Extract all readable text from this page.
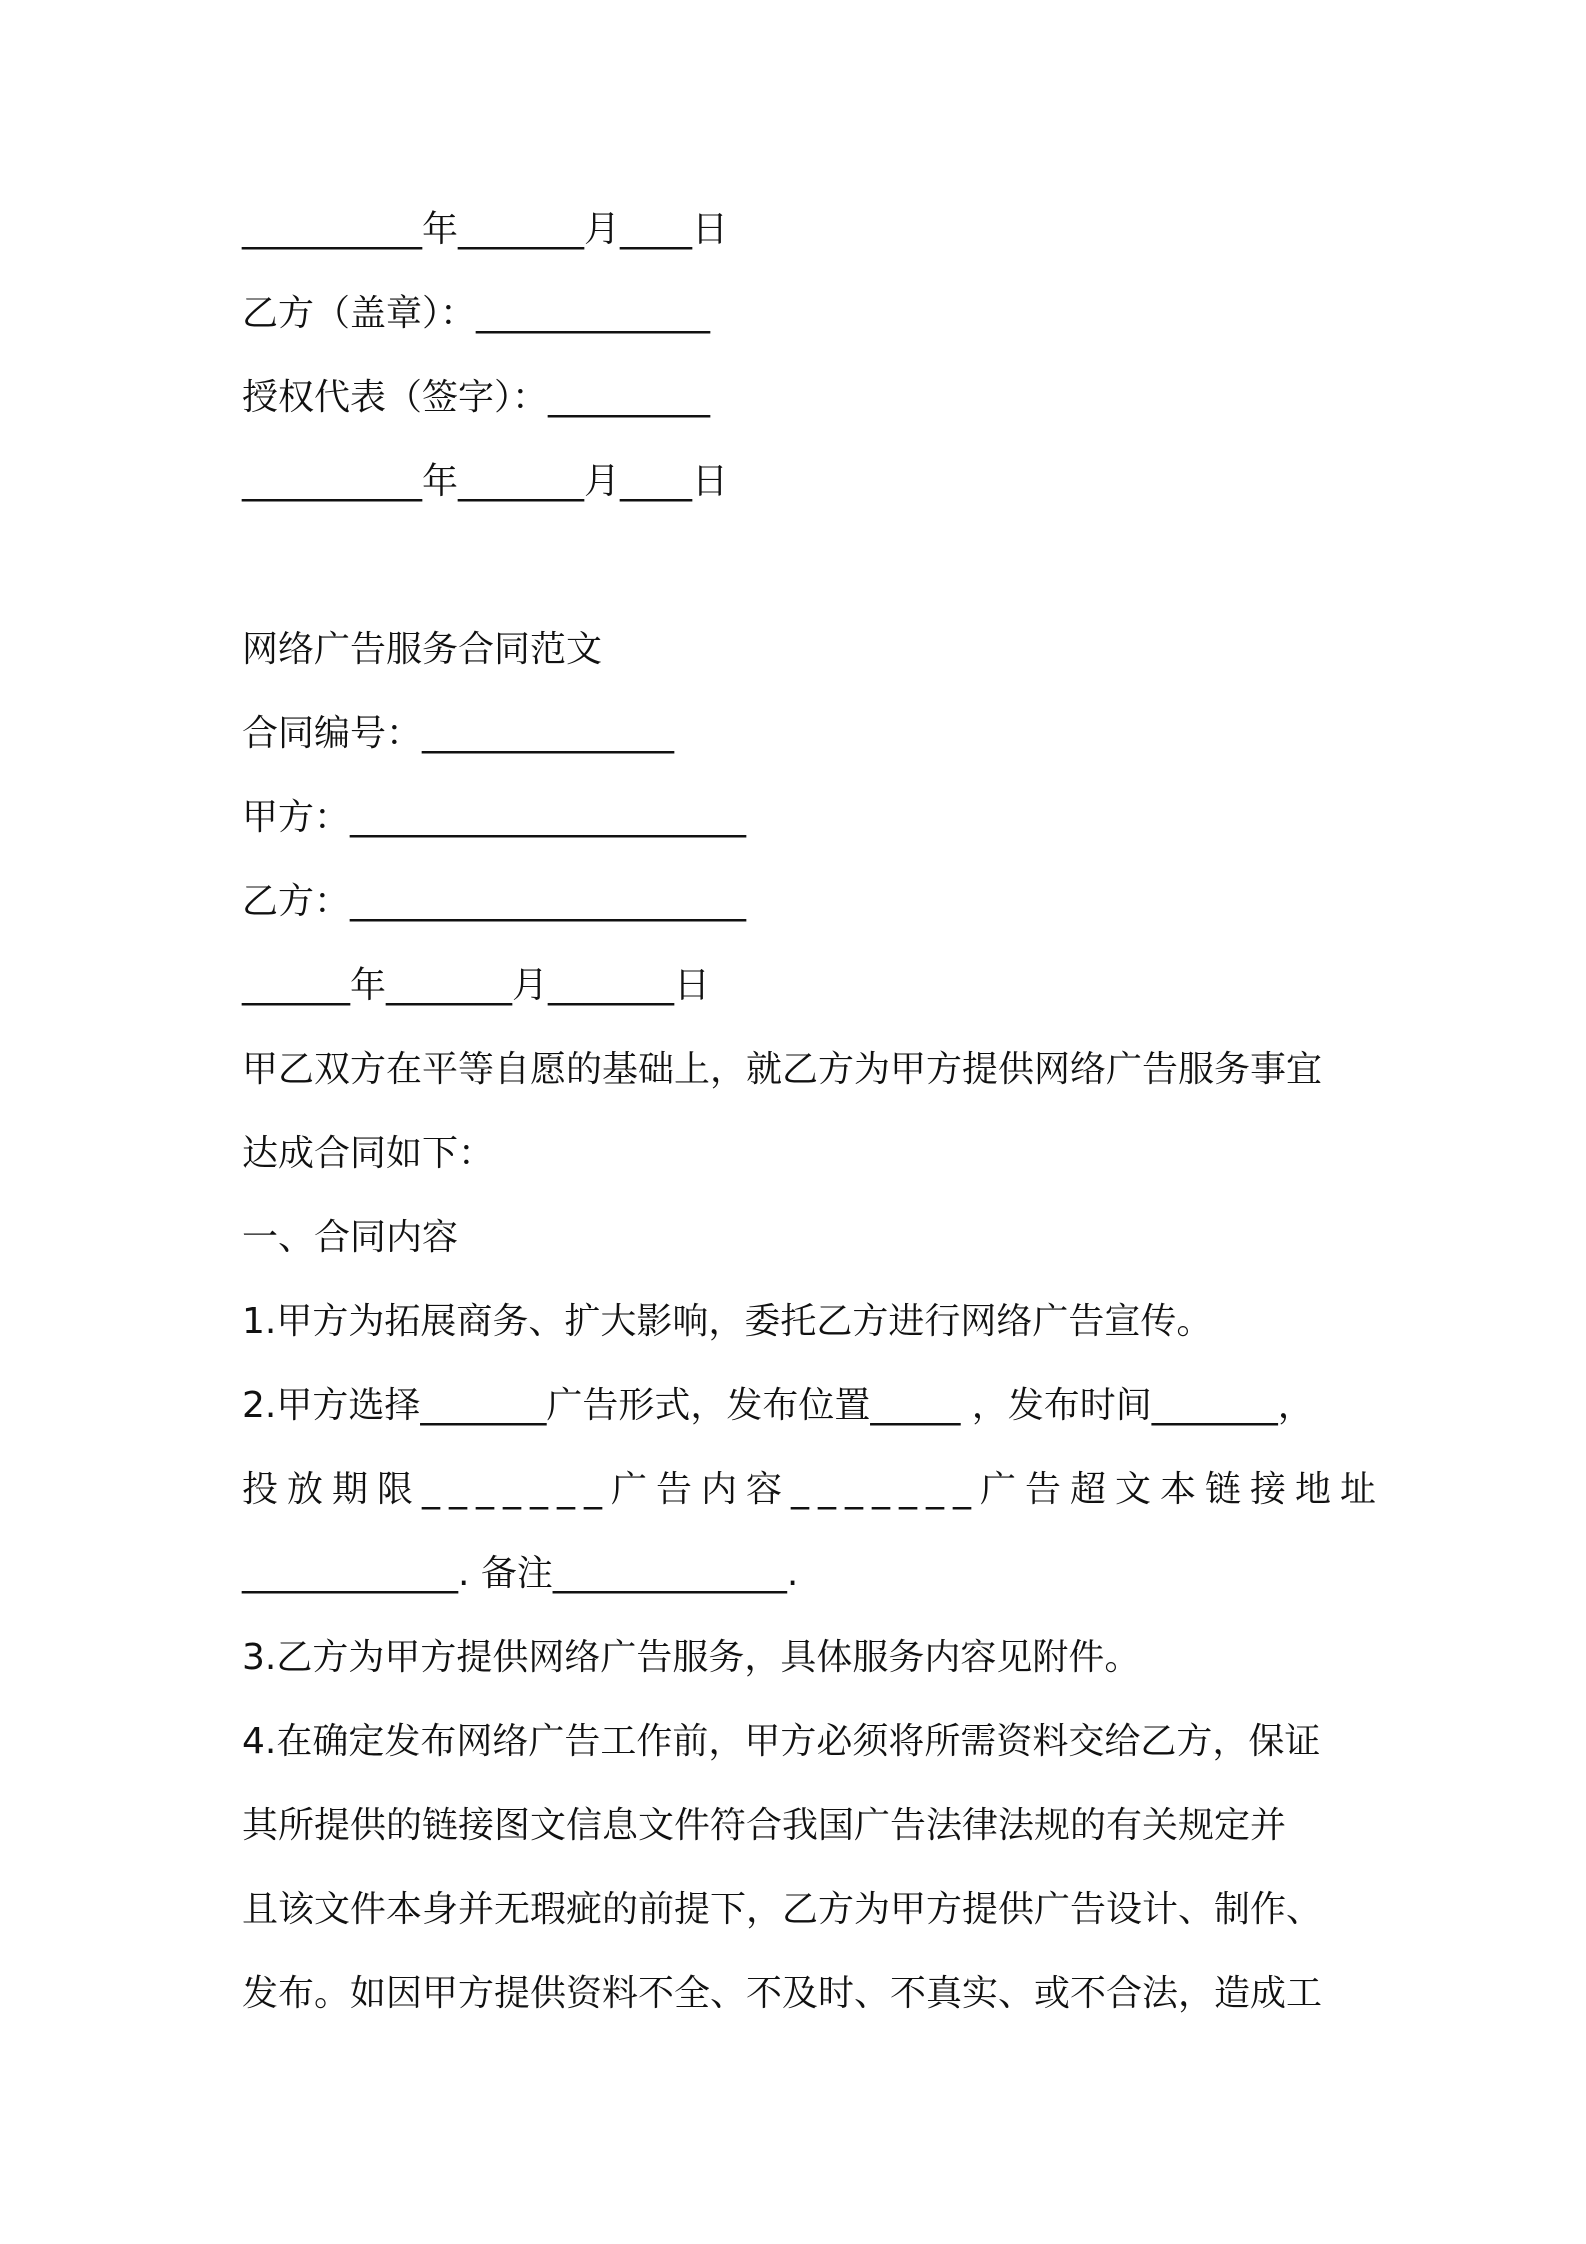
__________年_______月____日
乙方（盖章）：_____________
授权代表（签字）：_________
__________年_______月____日
网络广告服务合同范文
合同编号：______________
甲方：______________________
乙方：______________________
______年_______月_______日
甲乙双方在平等自愿的基础上，就乙方为甲方提供网络广告服务事宜
达成合同如下：
一、合同内容
1.甲方为拓展商务、扩大影响，委托乙方进行网络广告宣传。
2.甲方选择_______广告形式，发布位置_____ ，发布时间_______，
投放期限_______广告内容_______广告超文本链接地址
____________. 备注_____________.
3.乙方为甲方提供网络广告服务，具体服务内容见附件。
4.在确定发布网络广告工作前，甲方必须将所需资料交给乙方，保证
其所提供的链接图文信息文件符合我国广告法律法规的有关规定并
且该文件本身并无瑕疵的前提下，乙方为甲方提供广告设计、制作、
发布。如因甲方提供资料不全、不及时、不真实、或不合法，造成工
